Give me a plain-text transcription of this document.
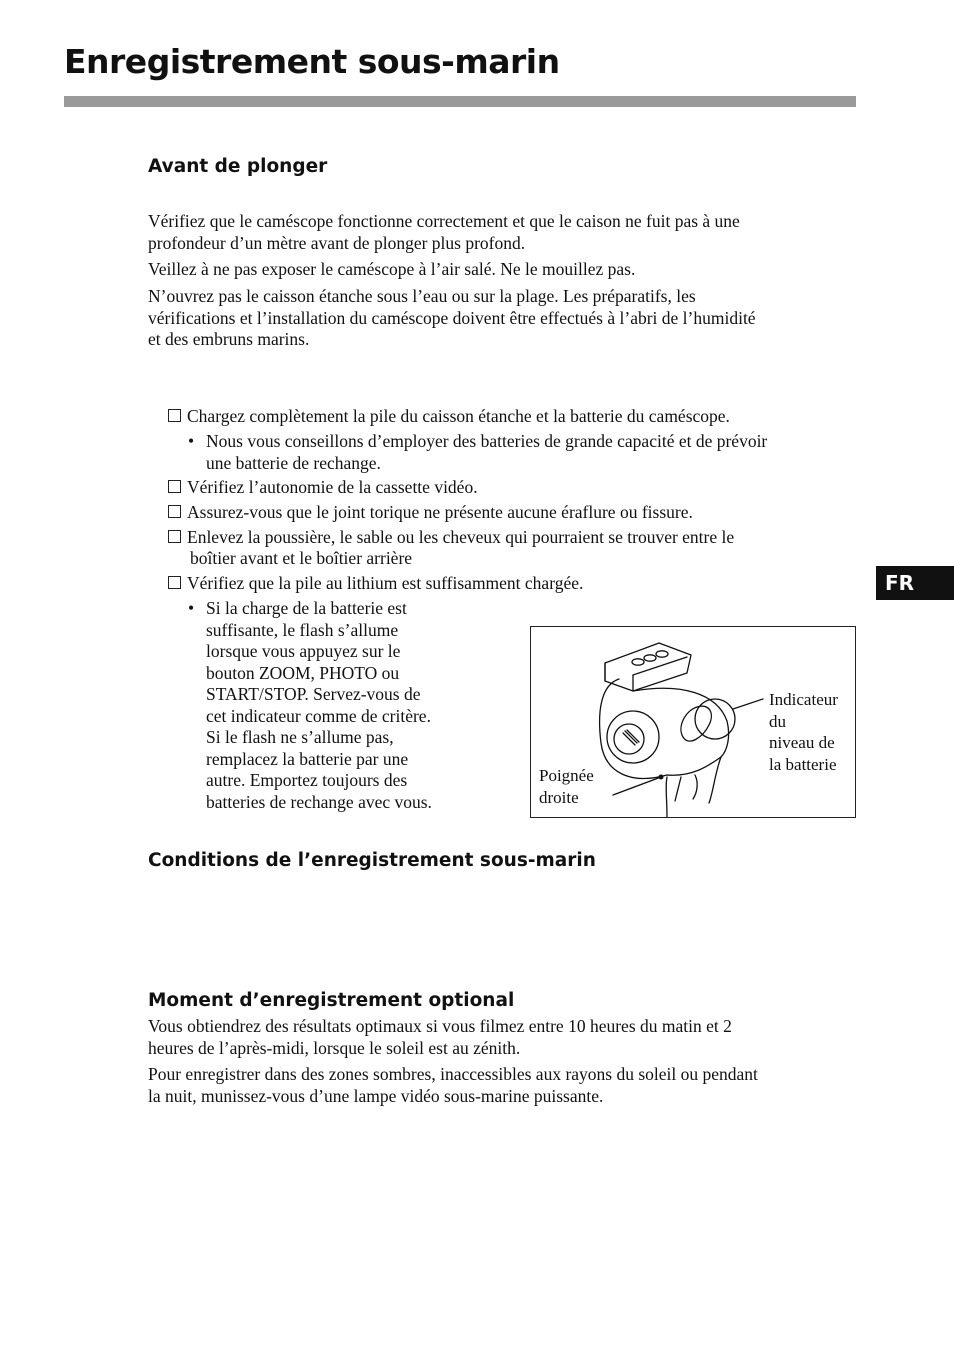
Enregistrement sous-marin
Avant de plonger
Vérifiez que le caméscope fonctionne correctement et que le caison ne fuit pas à une
profondeur d’un mètre avant de plonger plus profond.
Veillez à ne pas exposer le caméscope à l’air salé. Ne le mouillez pas.
N’ouvrez pas le caisson étanche sous l’eau ou sur la plage. Les préparatifs, les
vérifications et l’installation du caméscope doivent être effectués à l’abri de l’humidité
et des embruns marins.
Chargez complètement la pile du caisson étanche et la batterie du caméscope.
• Nous vous conseillons d’employer des batteries de grande capacité et de prévoir
une batterie de rechange.
Vérifiez l’autonomie de la cassette vidéo.
Assurez-vous que le joint torique ne présente aucune éraflure ou fissure.
Enlevez la poussière, le sable ou les cheveux qui pourraient se trouver entre le
boîtier avant et le boîtier arrière
Vérifiez que la pile au lithium est suffisamment chargée.
• Si la charge de la batterie est
suffisante, le flash s’allume
lorsque vous appuyez sur le
bouton ZOOM, PHOTO ou
START/STOP. Servez-vous de
cet indicateur comme de critère.
Si le flash ne s’allume pas,
remplacez la batterie par une
autre. Emportez toujours des
batteries de rechange avec vous.
FR
Indicateur
du
niveau de
la batterie
Poignée
droite
Conditions de l’enregistrement sous-marin
Moment d’enregistrement optional
Vous obtiendrez des résultats optimaux si vous filmez entre 10 heures du matin et 2
heures de l’après-midi, lorsque le soleil est au zénith.
Pour enregistrer dans des zones sombres, inaccessibles aux rayons du soleil ou pendant
la nuit, munissez-vous d’une lampe vidéo sous-marine puissante.
